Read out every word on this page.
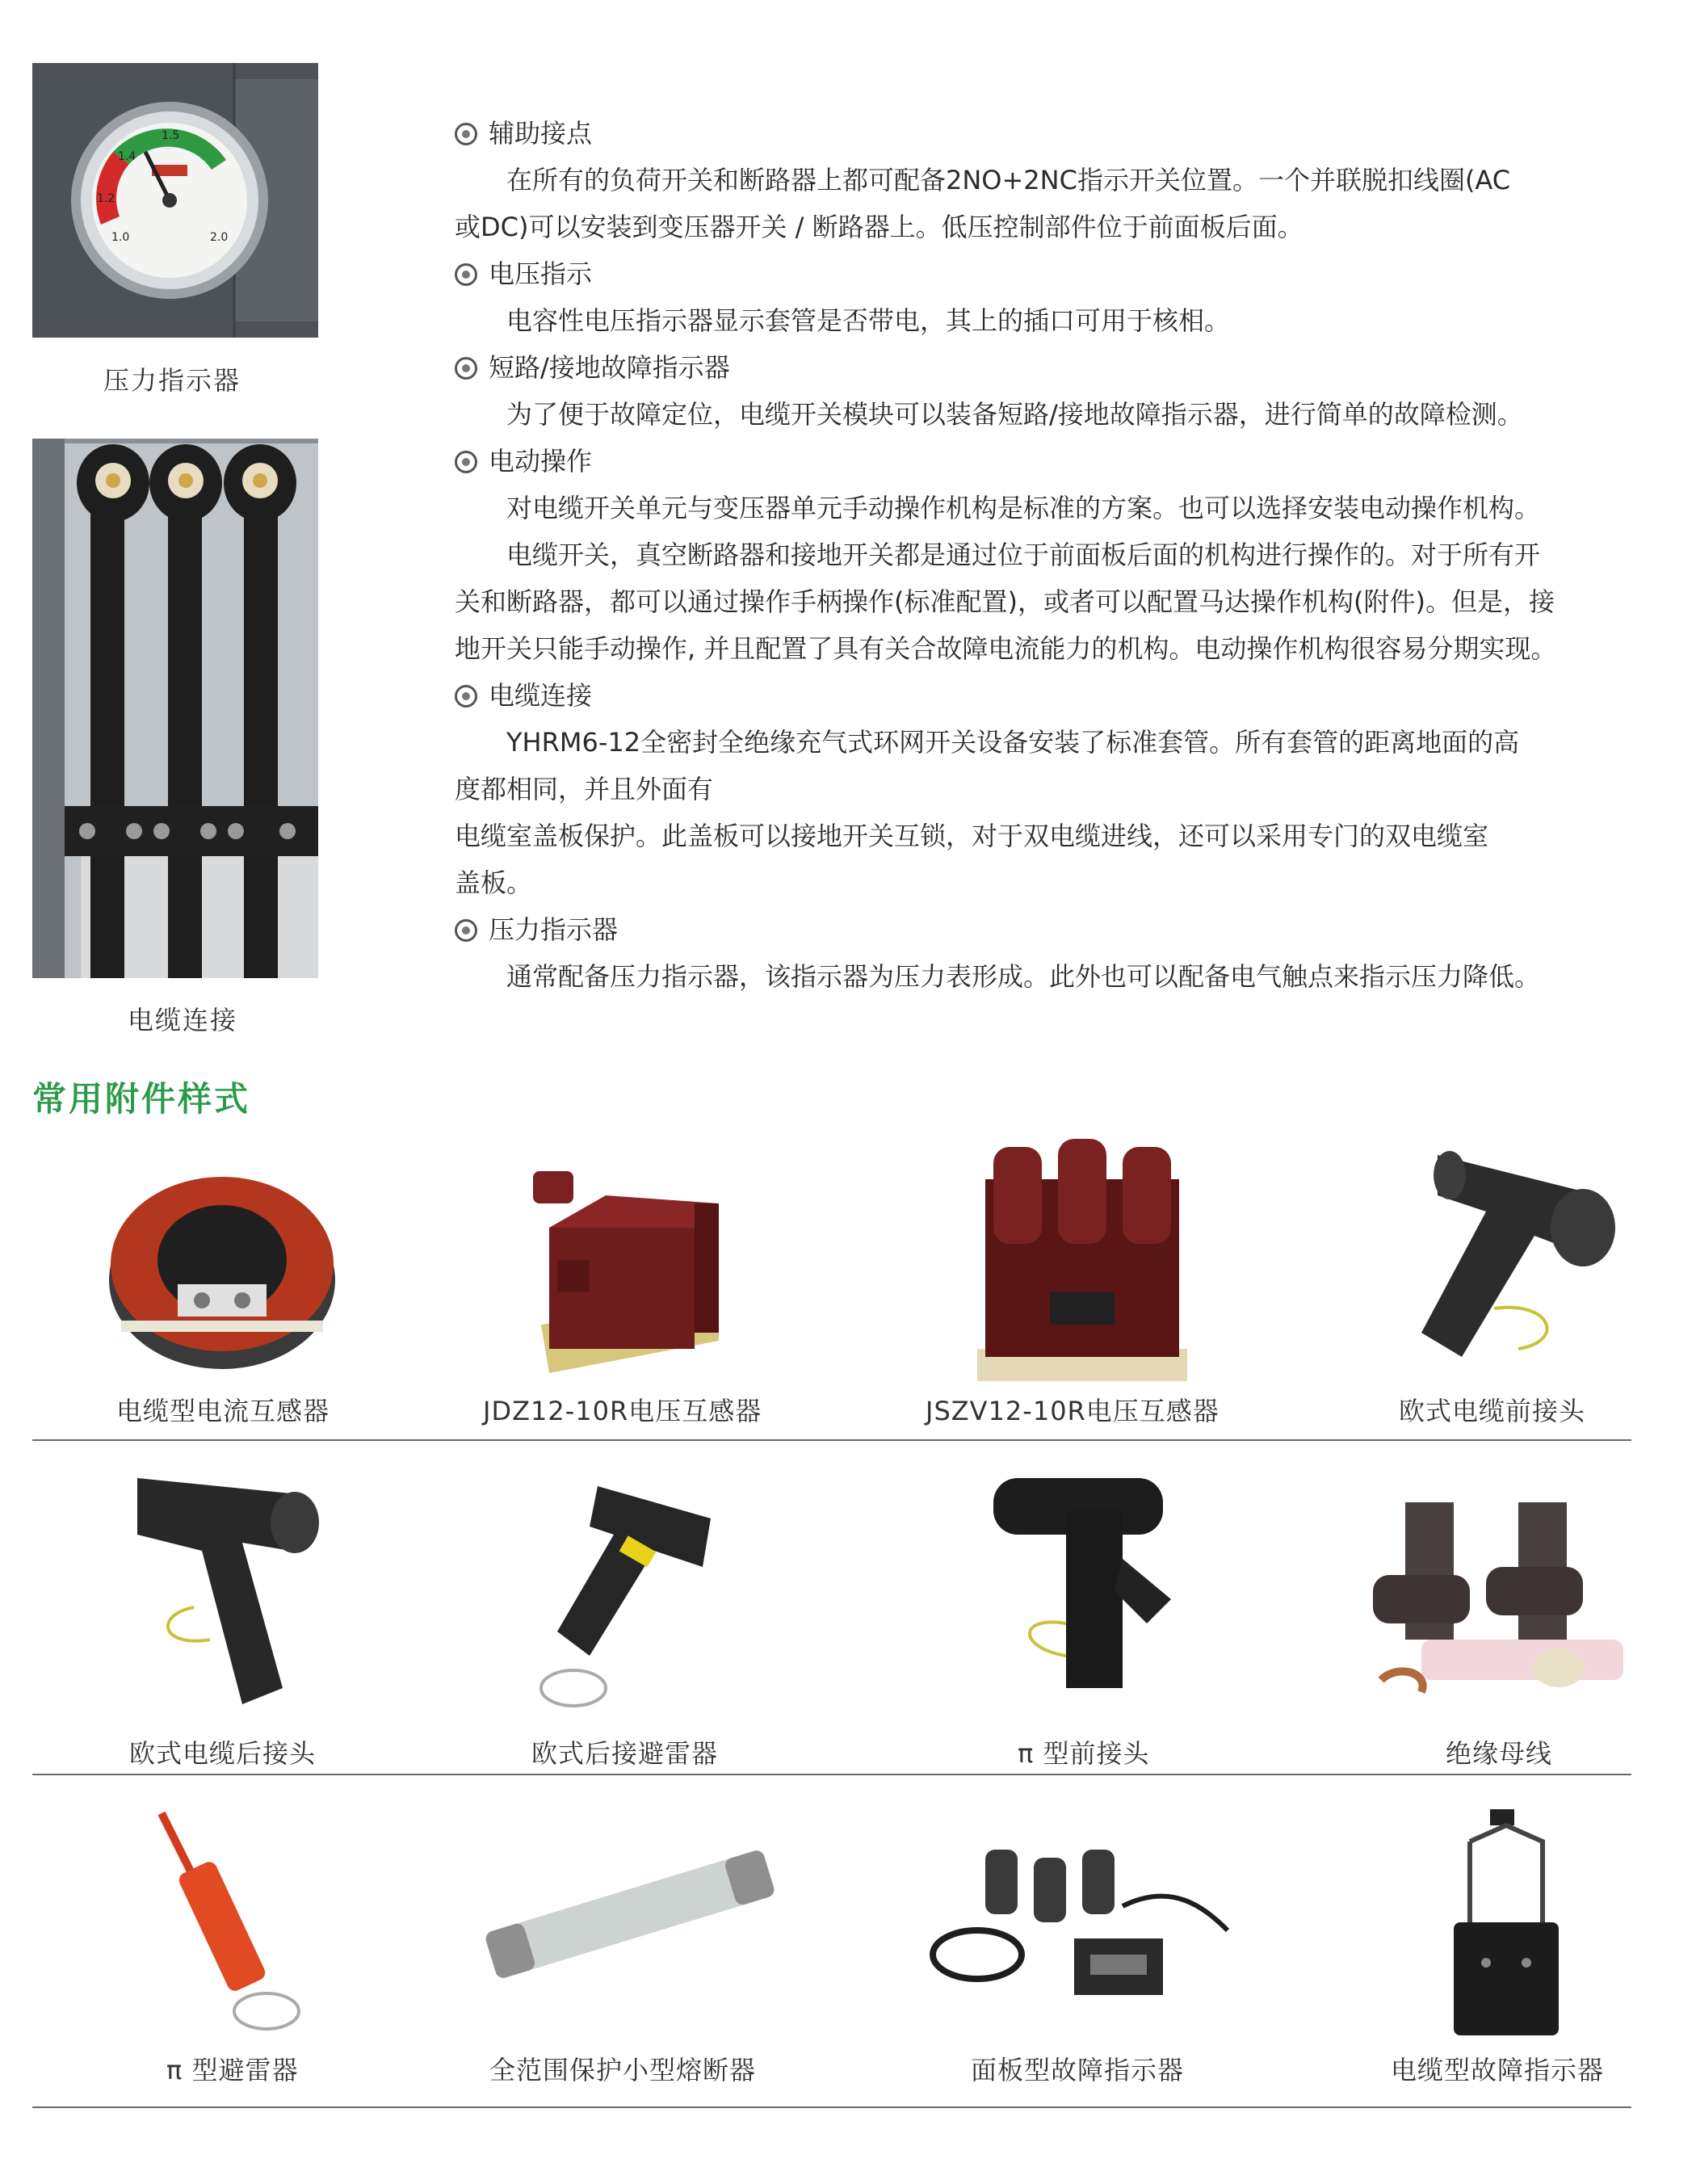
1.4
1.5
1.2
1.0	2.0
压力指示器
电缆连接

辅助接点

在所有的负荷开关和断路器上都可配备2NO+2NC指示开关位置。一个并联脱扣线圈(AC

或DC)可以安装到变压器开关 / 断路器上。低压控制部件位于前面板后面。

电压指示

电容性电压指示器显示套管是否带电，其上的插口可用于核相。

短路/接地故障指示器

为了便于故障定位，电缆开关模块可以装备短路/接地故障指示器，进行简单的故障检测。

电动操作

对电缆开关单元与变压器单元手动操作机构是标准的方案。也可以选择安装电动操作机构。

电缆开关，真空断路器和接地开关都是通过位于前面板后面的机构进行操作的。对于所有开

关和断路器，都可以通过操作手柄操作(标准配置)，或者可以配置马达操作机构(附件)。但是，接

地开关只能手动操作, 并且配置了具有关合故障电流能力的机构。电动操作机构很容易分期实现。

电缆连接

YHRM6-12全密封全绝缘充气式环网开关设备安装了标准套管。所有套管的距离地面的高

度都相同，并且外面有

电缆室盖板保护。此盖板可以接地开关互锁，对于双电缆进线，还可以采用专门的双电缆室

盖板。

压力指示器

通常配备压力指示器，该指示器为压力表形成。此外也可以配备电气触点来指示压力降低。

常用附件样式
电缆型电流互感器	JDZ12-10R电压互感器	JSZV12-10R电压互感器	欧式电缆前接头
欧式电缆后接头	欧式后接避雷器	π 型前接头	绝缘母线
π 型避雷器	全范围保护小型熔断器	面板型故障指示器	电缆型故障指示器
